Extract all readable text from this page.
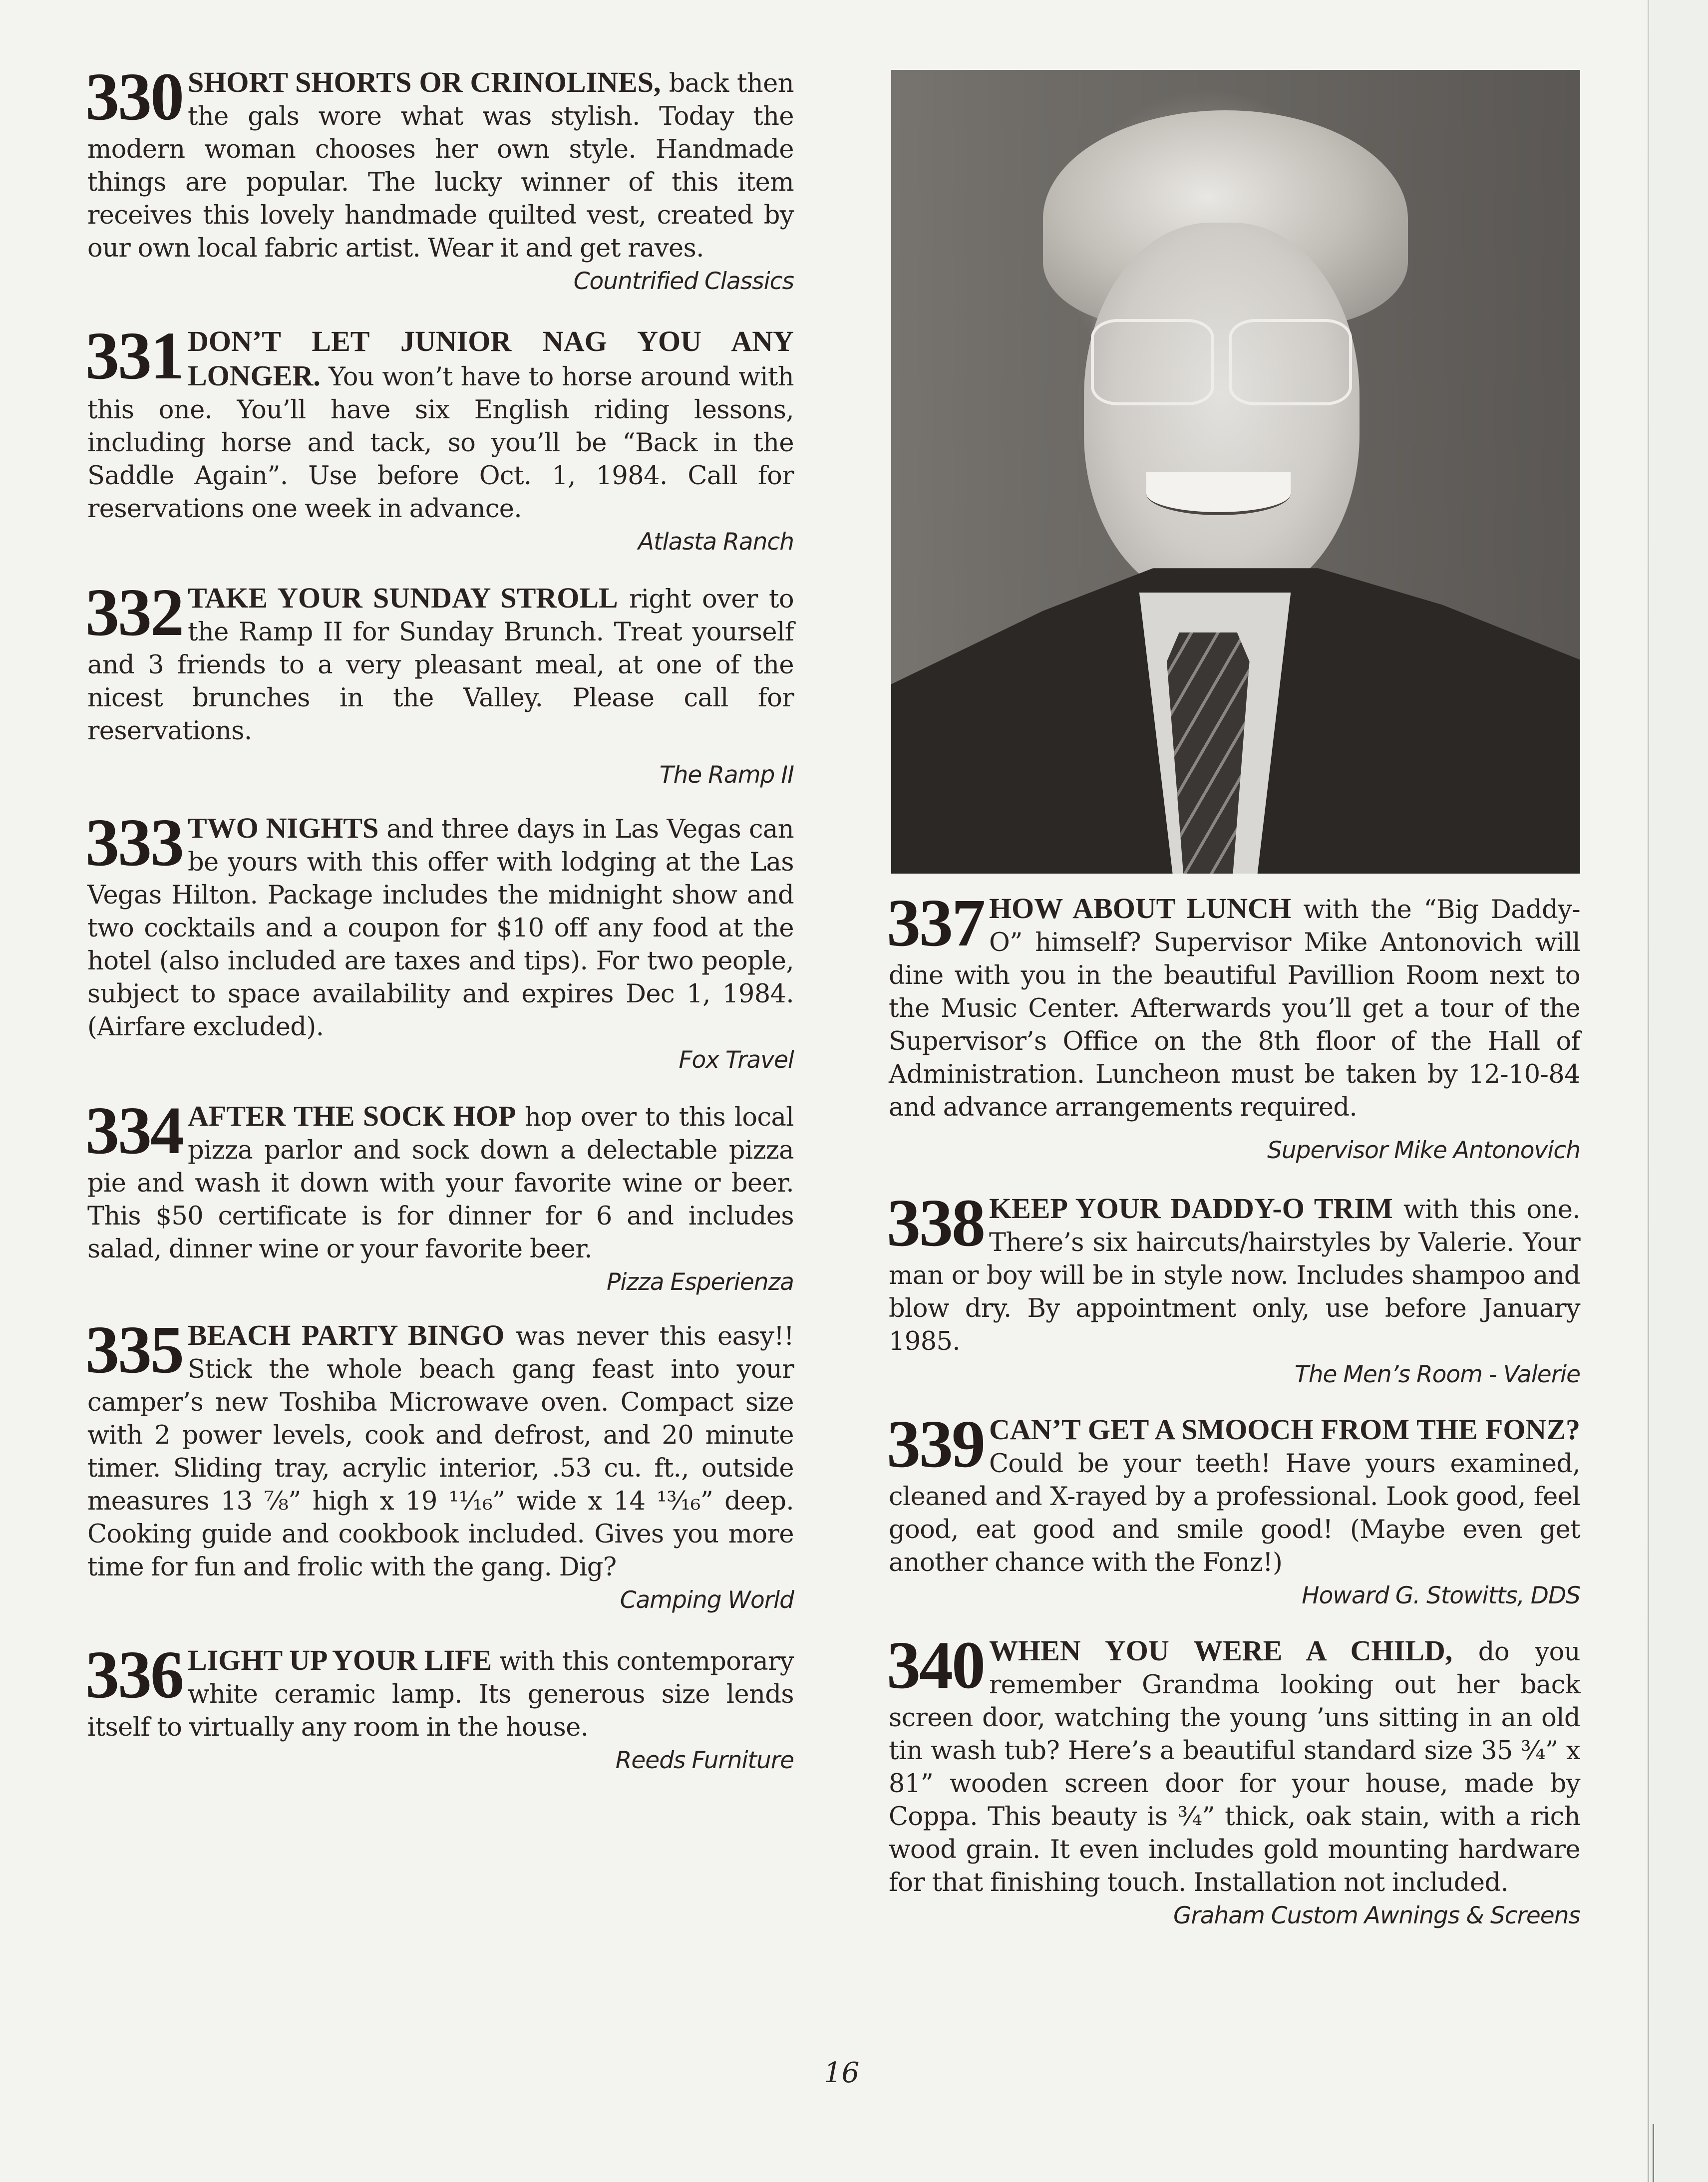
330 SHORT SHORTS OR CRINOLINES, back then the gals wore what was stylish. Today the modern woman chooses her own style. Handmade things are popular. The lucky winner of this item receives this lovely handmade quilted vest, created by our own local fabric artist. Wear it and get raves.
Countrified Classics
331 DON’T LET JUNIOR NAG YOU ANY LONGER. You won’t have to horse around with this one. You’ll have six English riding lessons, including horse and tack, so you’ll be “Back in the Saddle Again”. Use before Oct. 1, 1984. Call for reservations one week in advance.
Atlasta Ranch
332 TAKE YOUR SUNDAY STROLL right over to the Ramp II for Sunday Brunch. Treat yourself and 3 friends to a very pleasant meal, at one of the nicest brunches in the Valley. Please call for reservations.
The Ramp II
333 TWO NIGHTS and three days in Las Vegas can be yours with this offer with lodging at the Las Vegas Hilton. Package includes the midnight show and two cocktails and a coupon for $10 off any food at the hotel (also included are taxes and tips). For two people, subject to space availability and expires Dec 1, 1984. (Airfare excluded).
Fox Travel
334 AFTER THE SOCK HOP hop over to this local pizza parlor and sock down a delectable pizza pie and wash it down with your favorite wine or beer. This $50 certificate is for dinner for 6 and includes salad, dinner wine or your favorite beer.
Pizza Esperienza
335 BEACH PARTY BINGO was never this easy!! Stick the whole beach gang feast into your camper’s new Toshiba Microwave oven. Compact size with 2 power levels, cook and defrost, and 20 minute timer. Sliding tray, acrylic interior, .53 cu. ft., outside measures 13 ⅞” high x 19 ¹¹⁄₁₆” wide x 14 ¹³⁄₁₆” deep. Cooking guide and cookbook included. Gives you more time for fun and frolic with the gang. Dig?
Camping World
336 LIGHT UP YOUR LIFE with this contemporary white ceramic lamp. Its generous size lends itself to virtually any room in the house.
Reeds Furniture
337 HOW ABOUT LUNCH with the “Big Daddy-O” himself? Supervisor Mike Antonovich will dine with you in the beautiful Pavillion Room next to the Music Center. Afterwards you’ll get a tour of the Supervisor’s Office on the 8th floor of the Hall of Administration. Luncheon must be taken by 12-10-84 and advance arrangements required.
Supervisor Mike Antonovich
338 KEEP YOUR DADDY-O TRIM with this one. There’s six haircuts/hairstyles by Valerie. Your man or boy will be in style now. Includes shampoo and blow dry. By appointment only, use before January 1985.
The Men’s Room - Valerie
339 CAN’T GET A SMOOCH FROM THE FONZ? Could be your teeth! Have yours examined, cleaned and X-rayed by a professional. Look good, feel good, eat good and smile good! (Maybe even get another chance with the Fonz!)
Howard G. Stowitts, DDS
340 WHEN YOU WERE A CHILD, do you remember Grandma looking out her back screen door, watching the young ’uns sitting in an old tin wash tub? Here’s a beautiful standard size 35 ¾” x 81” wooden screen door for your house, made by Coppa. This beauty is ¾” thick, oak stain, with a rich wood grain. It even includes gold mounting hardware for that finishing touch. Installation not included.
Graham Custom Awnings & Screens
16
